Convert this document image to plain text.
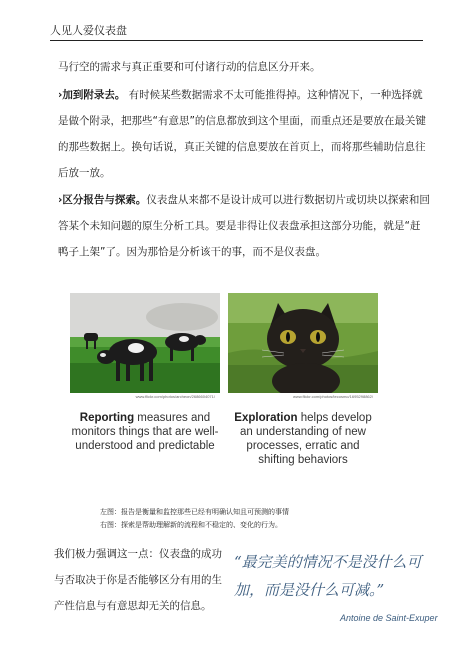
人见人爱仪表盘
马行空的需求与真正重要和可付诸行动的信息区分开来。
›加到附录去。 有时候某些数据需求不太可能推得掉。这种情况下，一种选择就是做个附录，把那些“有意思”的信息都放到这个里面，而重点还是要放在最关键的那些数据上。换句话说，真正关键的信息要放在首页上，而将那些辅助信息往后放一放。
›区分报告与探索。仪表盘从来都不是设计成可以进行数据切片或切块以探索和回答某个未知问题的原生分析工具。要是非得让仪表盘承担这部分功能，就是“赶鸭子上架”了。因为那恰是分析该干的事，而不是仪表盘。
www.flickr.com/photos/archeon/2686604071/
Reporting measures and monitors things that are well-understood and predictable
www.flickr.com/photos/tecosmo/1695298862/
Exploration helps develop an understanding of new processes, erratic and shifting behaviors
左图：报告是衡量和监控那些已经有明确认知且可预测的事情
右图：探索是帮助理解新的流程和不稳定的、变化的行为。
我们极力强调这一点：仪表盘的成功与否取决于你是否能够区分有用的生产性信息与有意思却无关的信息。
“最完美的情况不是没什么可加，而是没什么可减。”
Antoine de Saint-Exuper
